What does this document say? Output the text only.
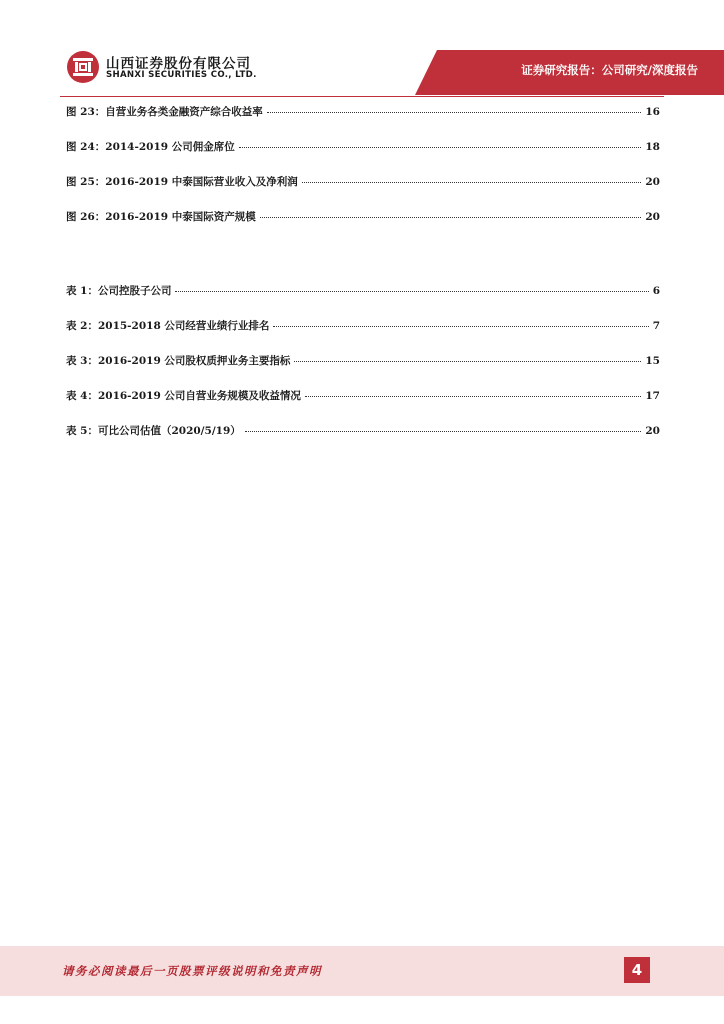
山西证券股份有限公司
SHANXI SECURITIES CO., LTD.	证券研究报告：公司研究/深度报告
图 23：自营业务各类金融资产综合收益率	16
图 24：2014-2019 公司佣金席位	18
图 25：2016-2019 中泰国际营业收入及净利润	20
图 26：2016-2019 中泰国际资产规模	20
表 1：公司控股子公司	6
表 2：2015-2018 公司经营业绩行业排名	7
表 3：2016-2019 公司股权质押业务主要指标	15
表 4：2016-2019 公司自营业务规模及收益情况	17
表 5：可比公司估值（2020/5/19）	20
请务必阅读最后一页股票评级说明和免责声明	4
